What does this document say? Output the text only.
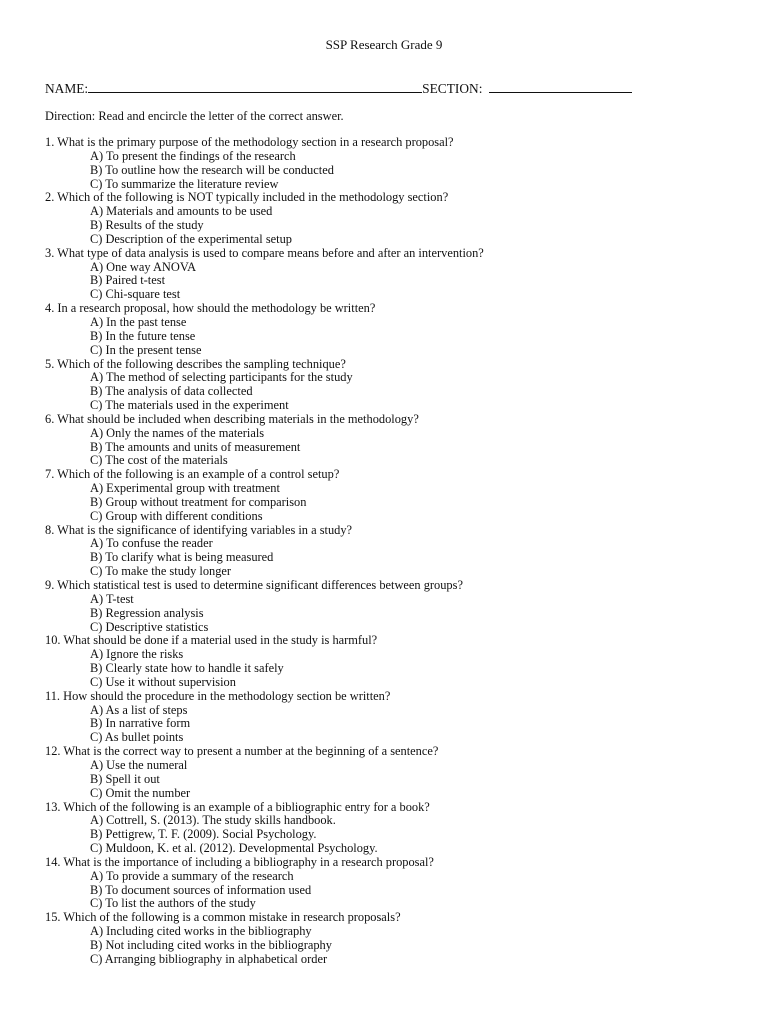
SSP Research Grade 9
NAME:	SECTION:
Direction: Read and encircle the letter of the correct answer.
1. What is the primary purpose of the methodology section in a research proposal?
A) To present the findings of the research
B) To outline how the research will be conducted
C) To summarize the literature review
2. Which of the following is NOT typically included in the methodology section?
A) Materials and amounts to be used
B) Results of the study
C) Description of the experimental setup
3. What type of data analysis is used to compare means before and after an intervention?
A) One way ANOVA
B) Paired t-test
C) Chi-square test
4. In a research proposal, how should the methodology be written?
A) In the past tense
B) In the future tense
C) In the present tense
5. Which of the following describes the sampling technique?
A) The method of selecting participants for the study
B) The analysis of data collected
C) The materials used in the experiment
6. What should be included when describing materials in the methodology?
A) Only the names of the materials
B) The amounts and units of measurement
C) The cost of the materials
7. Which of the following is an example of a control setup?
A) Experimental group with treatment
B) Group without treatment for comparison
C) Group with different conditions
8. What is the significance of identifying variables in a study?
A) To confuse the reader
B) To clarify what is being measured
C) To make the study longer
9. Which statistical test is used to determine significant differences between groups?
A) T-test
B) Regression analysis
C) Descriptive statistics
10. What should be done if a material used in the study is harmful?
A) Ignore the risks
B) Clearly state how to handle it safely
C) Use it without supervision
11. How should the procedure in the methodology section be written?
A) As a list of steps
B) In narrative form
C) As bullet points
12. What is the correct way to present a number at the beginning of a sentence?
A) Use the numeral
B) Spell it out
C) Omit the number
13. Which of the following is an example of a bibliographic entry for a book?
A) Cottrell, S. (2013). The study skills handbook.
B) Pettigrew, T. F. (2009). Social Psychology.
C) Muldoon, K. et al. (2012). Developmental Psychology.
14. What is the importance of including a bibliography in a research proposal?
A) To provide a summary of the research
B) To document sources of information used
C) To list the authors of the study
15. Which of the following is a common mistake in research proposals?
A) Including cited works in the bibliography
B) Not including cited works in the bibliography
C) Arranging bibliography in alphabetical order
